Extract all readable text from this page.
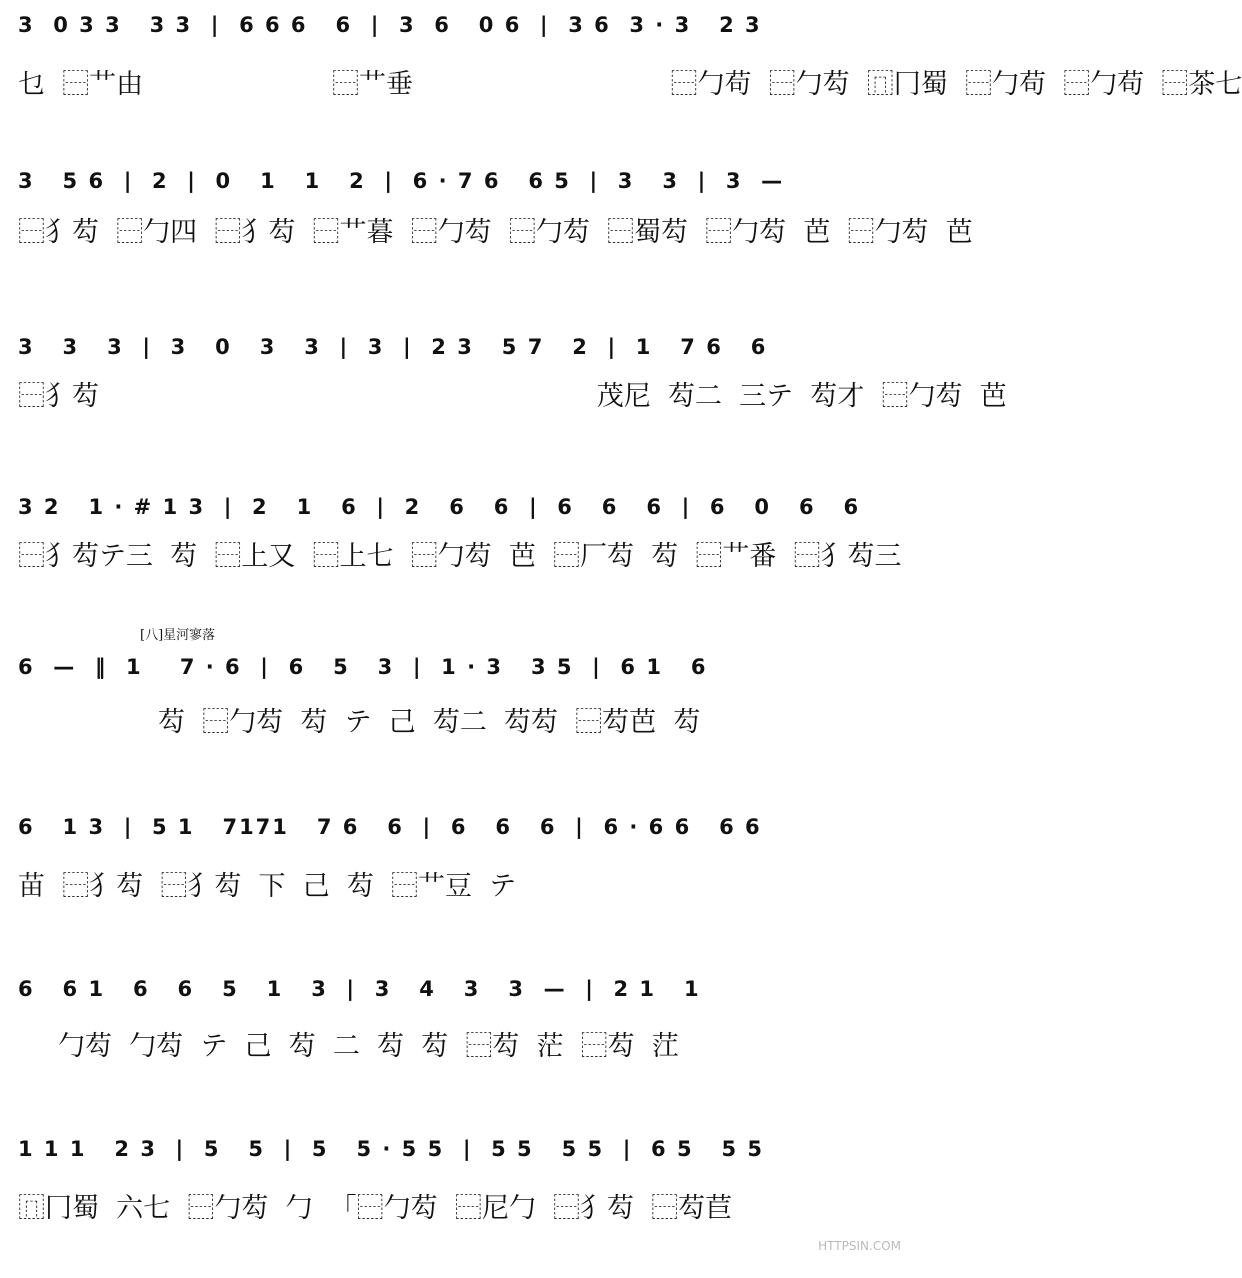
3  0 3 3   3 3  |  6 6 6   6  |  3  6   0 6  |  3 6  3 · 3   2 3
乜  ⿱艹由                      ⿱艹垂                              ⿱勹苟  ⿱勹芶  ⿵冂蜀  ⿱勹苟  ⿱勹苟  ⿱茶七
3   5 6  |  2  |  0   1   1   2  |  6 · 7 6   6 5  |  3   3  |  3  —
⿱犭芶  ⿱勹四  ⿱犭芶  ⿱艹暮  ⿱勹芶  ⿱勹芶  ⿱蜀芶  ⿱勹芶  芭  ⿱勹芶  芭
3   3   3  |  3   0   3   3  |  3  |  2 3   5 7   2  |  1   7 6   6
⿱犭芶                                                          茂尼  芶二  三テ  芶才  ⿱勹芶  芭
3 2   1 · # 1 3  |  2   1   6  |  2   6   6  |  6   6   6  |  6   0   6   6
⿱犭芶テ三  芶  ⿱上又  ⿱上七  ⿱勹芶  芭  ⿱厂芶  芶  ⿱艹番  ⿱犭芶三
[八]星河寥落
6  —  ‖  1    7 · 6  |  6   5   3  |  1 · 3   3 5  |  6 1   6
芶  ⿱勹芶  芶  テ  己  芶二  芶芶  ⿱芶芭  芶
6   1 3  |  5 1   7171   7 6   6  |  6   6   6  |  6 · 6 6   6 6
苗  ⿱犭芶  ⿱犭芶  下  己  芶  ⿱艹豆  テ
6   6 1   6   6   5   1   3  |  3   4   3   3  —  |  2 1   1
勹芶  勹芶  テ  己  芶  二  芶  芶  ⿱芶  茫  ⿱芶  茳
1 1 1   2 3  |  5   5  |  5   5 · 5 5  |  5 5   5 5  |  6 5   5 5
⿵冂蜀  六七  ⿱勹芶  勹  「⿱勹芶  ⿱尼勹  ⿱犭芶  ⿱芶苣
HTTPSIN.COM
